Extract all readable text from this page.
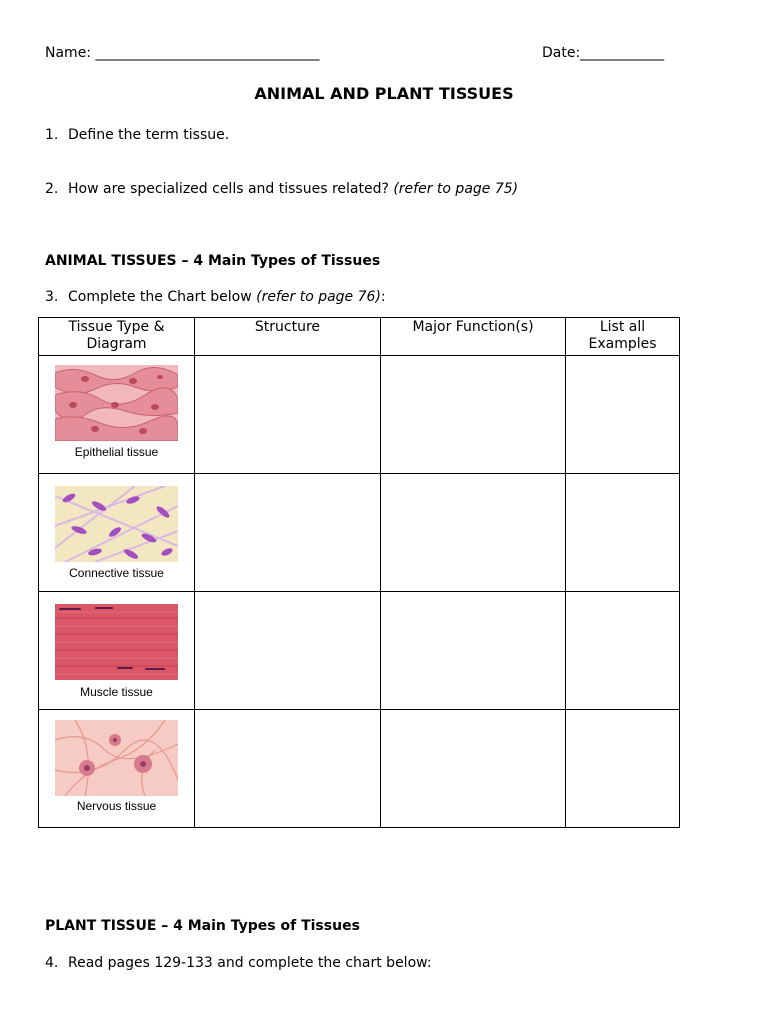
Name: ________________________________	Date:____________
ANIMAL AND PLANT TISSUES
1. Define the term tissue.
2. How are specialized cells and tissues related? (refer to page 75)
ANIMAL TISSUES – 4 Main Types of Tissues
3. Complete the Chart below (refer to page 76):
Tissue Type & Diagram	Structure	Major Function(s)	List all Examples

Epithelial tissue			

Connective tissue			

Muscle tissue			

Nervous tissue			

PLANT TISSUE – 4 Main Types of Tissues
4. Read pages 129-133 and complete the chart below:
